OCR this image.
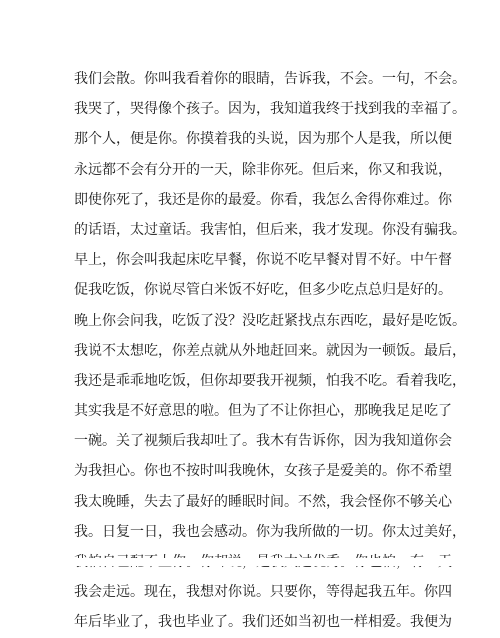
我们会散。你叫我看着你的眼睛，告诉我，不会。一句，不会。
我哭了，哭得像个孩子。因为，我知道我终于找到我的幸福了。
那个人，便是你。你摸着我的头说，因为那个人是我，所以便
永远都不会有分开的一天，除非你死。但后来，你又和我说，
即使你死了，我还是你的最爱。你看，我怎么舍得你难过。你
的话语，太过童话。我害怕，但后来，我才发现。你没有骗我。
早上，你会叫我起床吃早餐，你说不吃早餐对胃不好。中午督
促我吃饭，你说尽管白米饭不好吃，但多少吃点总归是好的。
晚上你会问我，吃饭了没？没吃赶紧找点东西吃，最好是吃饭。
我说不太想吃，你差点就从外地赶回来。就因为一顿饭。最后，
我还是乖乖地吃饭，但你却要我开视频，怕我不吃。看着我吃，
其实我是不好意思的啦。但为了不让你担心，那晚我足足吃了
一碗。关了视频后我却吐了。我木有告诉你，因为我知道你会
为我担心。你也不按时叫我晚休，女孩子是爱美的。你不希望
我太晚睡，失去了最好的睡眠时间。不然，我会怪你不够关心
我。日复一日，我也会感动。你为我所做的一切。你太过美好，
我会走远。现在，我想对你说。只要你，等得起我五年。你四
年后毕业了，我也毕业了。我们还如当初也一样相爱。我便为
